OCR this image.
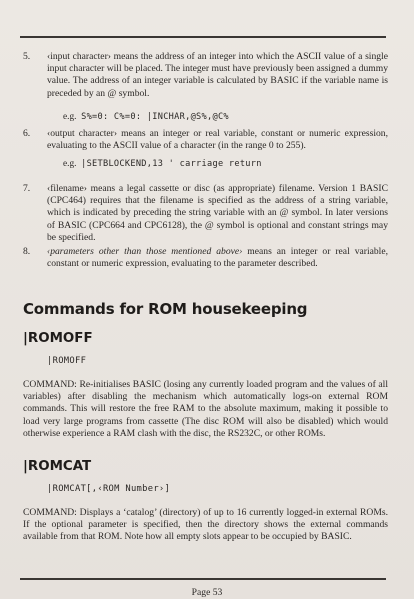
5. ‹input character› means the address of an integer into which the ASCII value of a single input character will be placed. The integer must have previously been assigned a dummy value. The address of an integer variable is calculated by BASIC if the variable name is preceded by an @ symbol.
e.g. S%=0: C%=0: |INCHAR,@S%,@C%
6. ‹output character› means an integer or real variable, constant or numeric expression, evaluating to the ASCII value of a character (in the range 0 to 255).
e.g. |SETBLOCKEND,13 ' carriage return
7. ‹filename› means a legal cassette or disc (as appropriate) filename. Version 1 BASIC (CPC464) requires that the filename is specified as the address of a string variable, which is indicated by preceding the string variable with an @ symbol. In later versions of BASIC (CPC664 and CPC6128), the @ symbol is optional and constant strings may be specified.
8. ‹parameters other than those mentioned above› means an integer or real variable, constant or numeric expression, evaluating to the parameter described.
Commands for ROM housekeeping
|ROMOFF
|ROMOFF
COMMAND: Re-initialises BASIC (losing any currently loaded program and the values of all variables) after disabling the mechanism which automatically logs-on external ROM commands. This will restore the free RAM to the absolute maximum, making it possible to load very large programs from cassette (The disc ROM will also be disabled) which would otherwise experience a RAM clash with the disc, the RS232C, or other ROMs.
|ROMCAT
|ROMCAT[,‹ROM Number›]
COMMAND: Displays a ‘catalog’ (directory) of up to 16 currently logged-in external ROMs. If the optional parameter is specified, then the directory shows the external commands available from that ROM. Note how all empty slots appear to be occupied by BASIC.
Page 53
